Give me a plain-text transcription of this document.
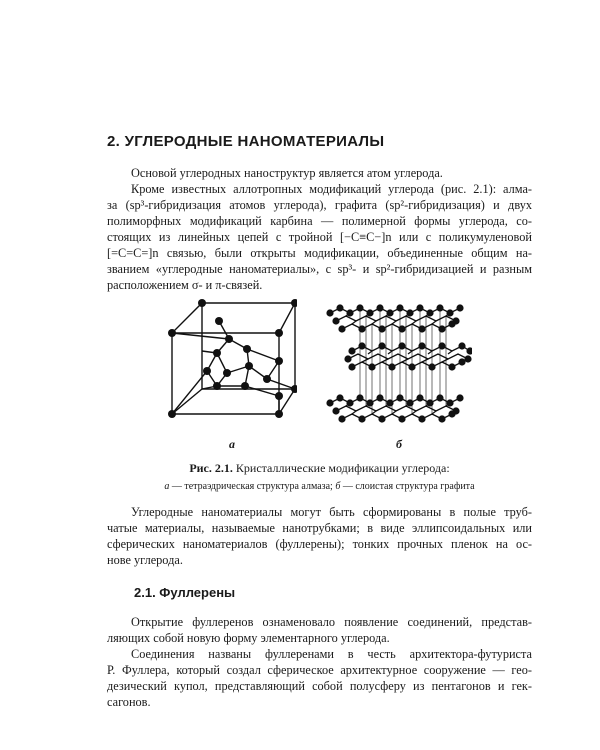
2. УГЛЕРОДНЫЕ НАНОМАТЕРИАЛЫ

Основой углеродных наноструктур является атом углерода.

Кроме известных аллотропных модификаций углерода (рис. 2.1): алма-
за (sp³-гибридизация атомов углерода), графита (sp²-гибридизация) и двух
полиморфных модификаций карбина — полимерной формы углерода, со-
стоящих из линейных цепей с тройной [−C≡C−]n или с поликумуленовой
[=C=C=]n связью, были открыты модификации, объединенные общим на-
званием «углеродные наноматериалы», с sp³- и sp²-гибридизацией и разным
расположением σ- и π-связей.

а	б

Рис. 2.1. Кристаллические модификации углерода:

а — тетраэдрическая структура алмаза; б — слоистая структура графита

Углеродные наноматериалы могут быть сформированы в полые труб-
чатые материалы, называемые нанотрубками; в виде эллипсоидальных или
сферических наноматериалов (фуллерены); тонких прочных пленок на ос-
нове углерода.

2.1. Фуллерены

Открытие фуллеренов ознаменовало появление соединений, представ-
ляющих собой новую форму элементарного углерода.

Соединения названы фуллеренами в честь архитектора-футуриста
Р. Фуллера, который создал сферическое архитектурное сооружение — гео-
дезический купол, представляющий собой полусферу из пентагонов и гек-
сагонов.
